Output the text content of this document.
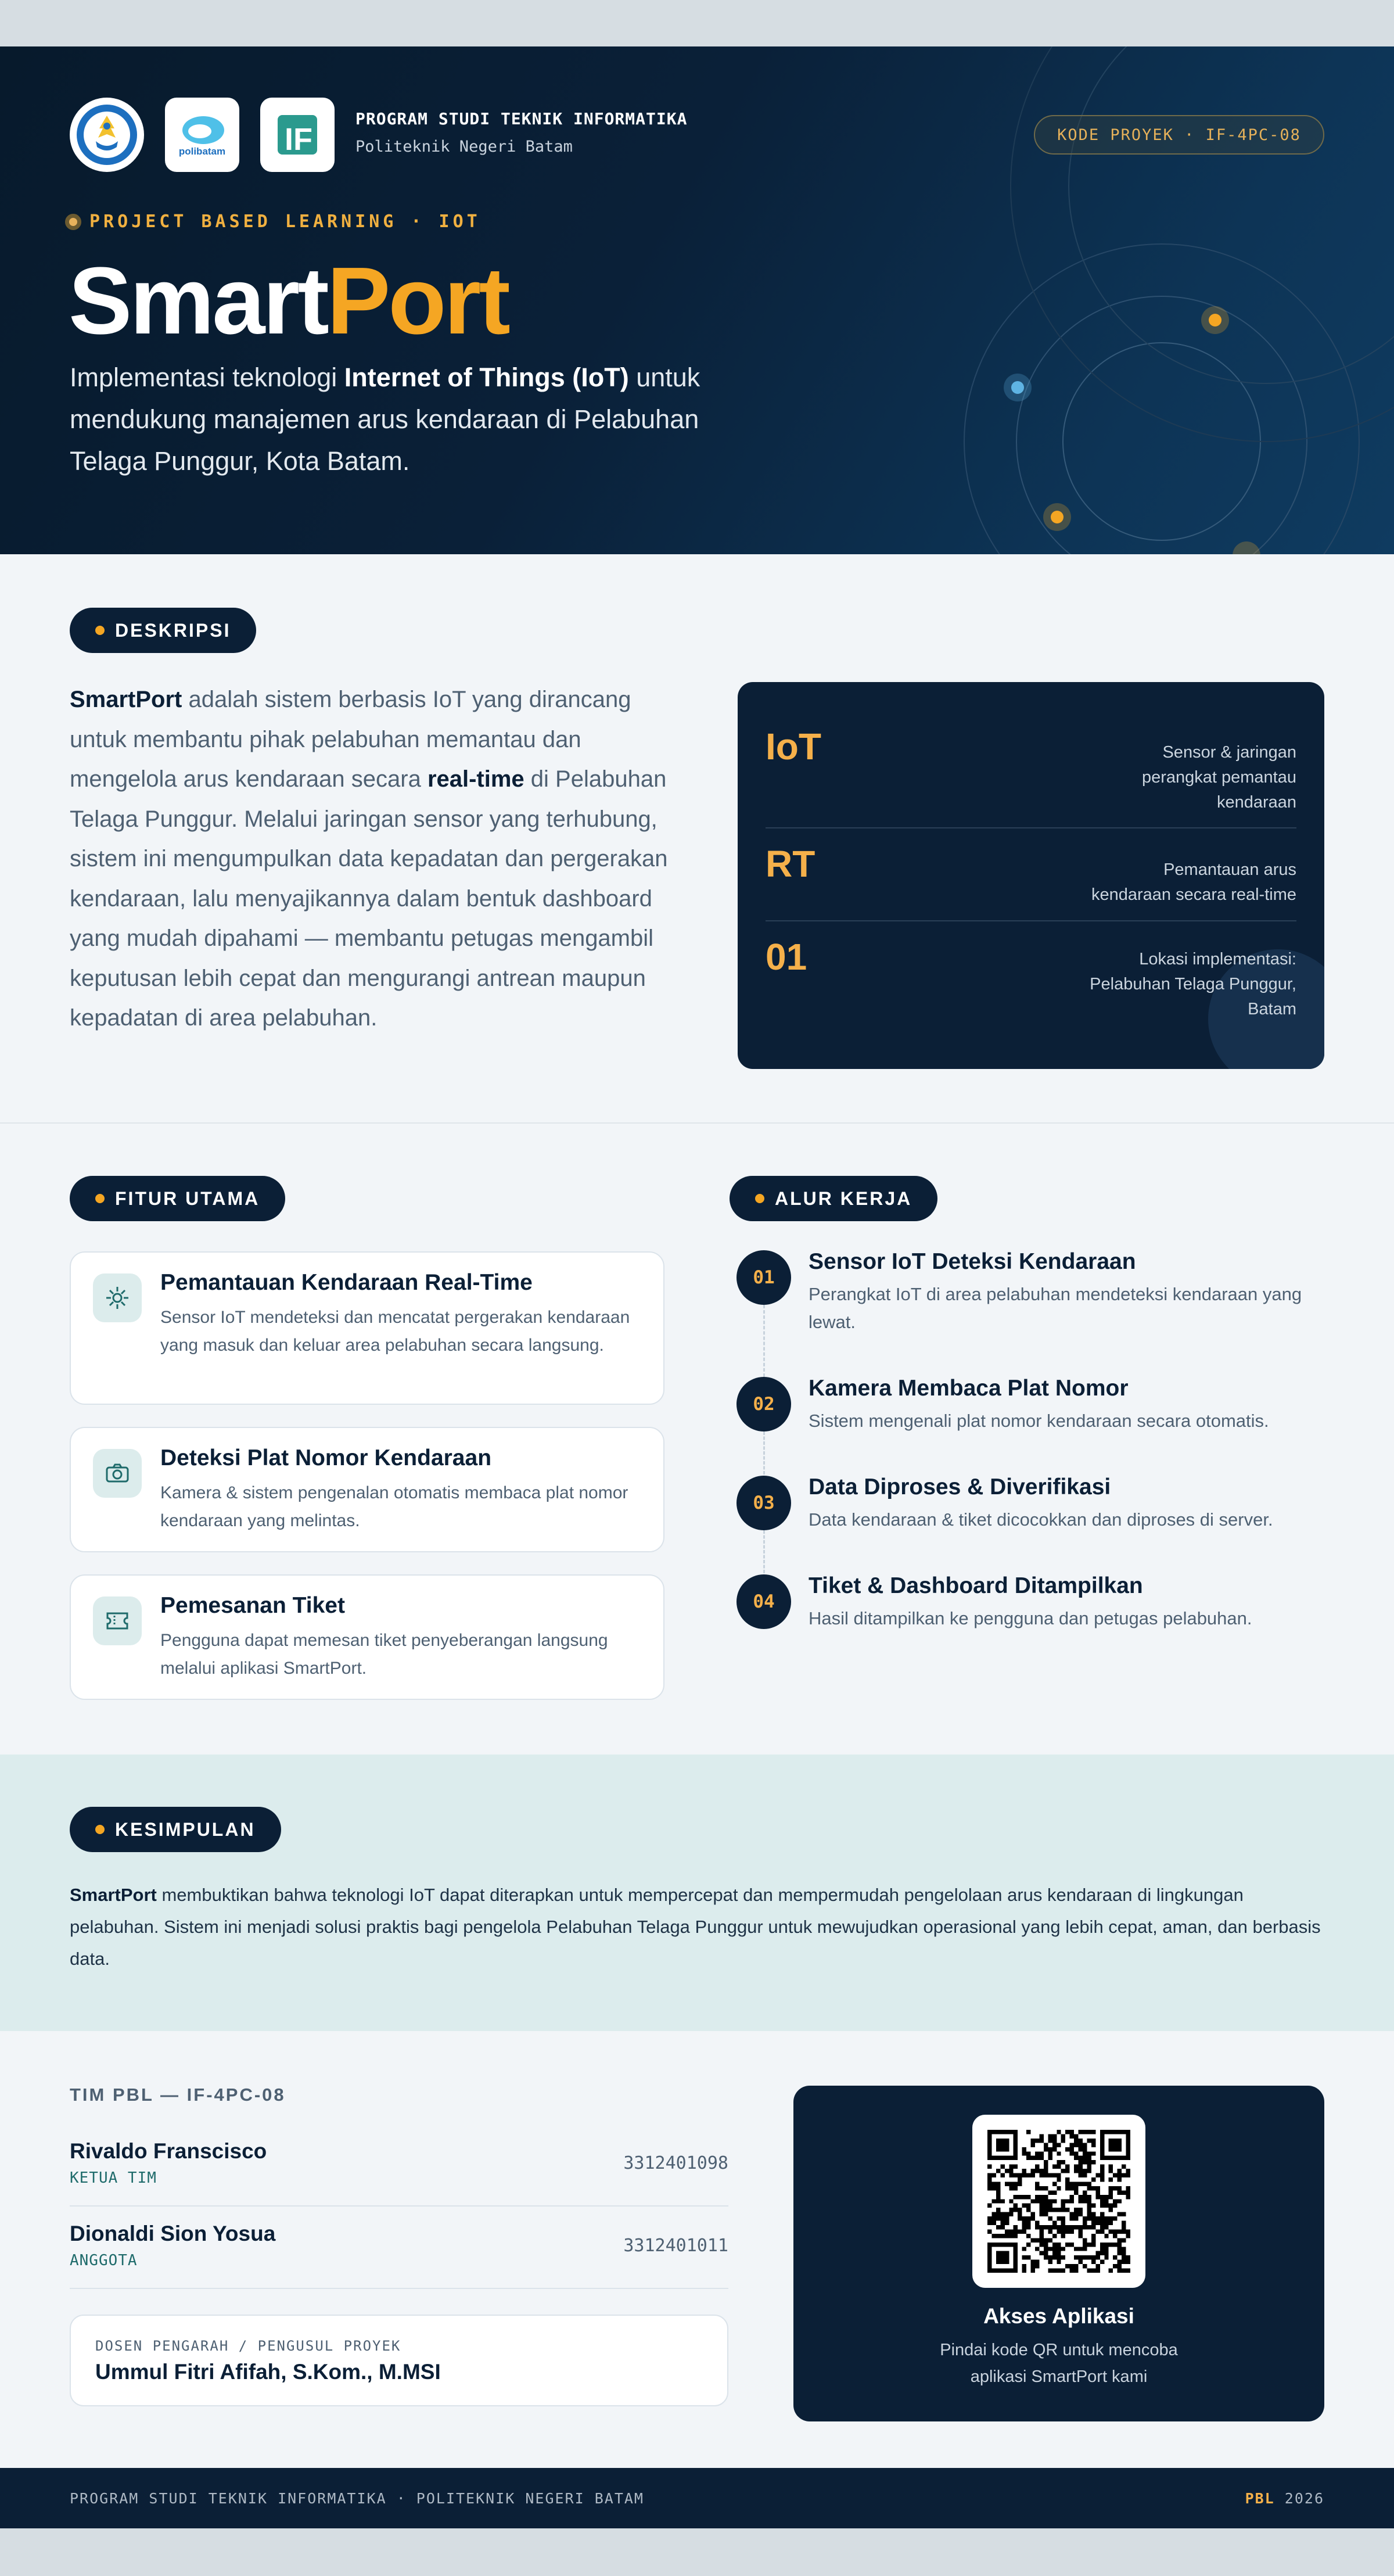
polibatam IF
PROGRAM STUDI TEKNIK INFORMATIKA
Politeknik Negeri Batam
KODE PROYEK · IF-4PC-08
PROJECT BASED LEARNING · IOT
SmartPort
Implementasi teknologi Internet of Things (IoT) untuk mendukung manajemen arus kendaraan di Pelabuhan Telaga Punggur, Kota Batam.
DESKRIPSI
SmartPort adalah sistem berbasis IoT yang dirancang untuk membantu pihak pelabuhan memantau dan mengelola arus kendaraan secara real-time di Pelabuhan Telaga Punggur. Melalui jaringan sensor yang terhubung, sistem ini mengumpulkan data kepadatan dan pergerakan kendaraan, lalu menyajikannya dalam bentuk dashboard yang mudah dipahami — membantu petugas mengambil keputusan lebih cepat dan mengurangi antrean maupun kepadatan di area pelabuhan.
IoT	Sensor & jaringan
perangkat pemantau
kendaraan
RT	Pemantauan arus
kendaraan secara real-time
01	Lokasi implementasi:
Pelabuhan Telaga Punggur,
Batam
FITUR UTAMA	ALUR KERJA
Pemantauan Kendaraan Real-Time
Sensor IoT mendeteksi dan mencatat pergerakan kendaraan yang masuk dan keluar area pelabuhan secara langsung.
Deteksi Plat Nomor Kendaraan
Kamera & sistem pengenalan otomatis membaca plat nomor kendaraan yang melintas.
Pemesanan Tiket
Pengguna dapat memesan tiket penyeberangan langsung melalui aplikasi SmartPort.
01
Sensor IoT Deteksi Kendaraan
Perangkat IoT di area pelabuhan mendeteksi kendaraan yang lewat.
02
Kamera Membaca Plat Nomor
Sistem mengenali plat nomor kendaraan secara otomatis.
03
Data Diproses & Diverifikasi
Data kendaraan & tiket dicocokkan dan diproses di server.
04
Tiket & Dashboard Ditampilkan
Hasil ditampilkan ke pengguna dan petugas pelabuhan.
KESIMPULAN
SmartPort membuktikan bahwa teknologi IoT dapat diterapkan untuk mempercepat dan mempermudah pengelolaan arus kendaraan di lingkungan pelabuhan. Sistem ini menjadi solusi praktis bagi pengelola Pelabuhan Telaga Punggur untuk mewujudkan operasional yang lebih cepat, aman, dan berbasis data.
TIM PBL — IF-4PC-08
Rivaldo Franscisco
KETUA TIM
3312401098
Dionaldi Sion Yosua
ANGGOTA
3312401011
DOSEN PENGARAH / PENGUSUL PROYEK
Ummul Fitri Afifah, S.Kom., M.MSI
Akses Aplikasi
Pindai kode QR untuk mencoba
aplikasi SmartPort kami
PROGRAM STUDI TEKNIK INFORMATIKA · POLITEKNIK NEGERI BATAM	PBL 2026
